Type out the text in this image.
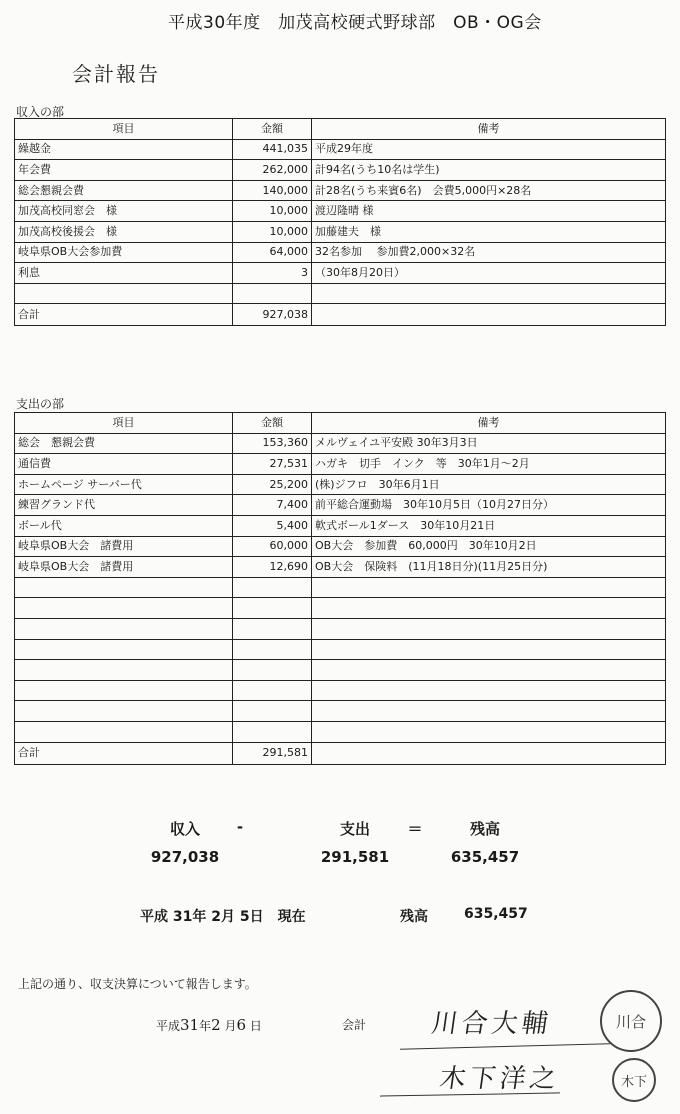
平成30年度　加茂高校硬式野球部　OB・OG会
会計報告
収入の部
項目	金額	備考
繰越金	441,035	平成29年度
年会費	262,000	計94名(うち10名は学生)
総会懇親会費	140,000	計28名(うち来賓6名)　会費5,000円×28名
加茂高校同窓会　様	10,000	渡辺隆晴 様
加茂高校後援会　様	10,000	加藤建夫　様
岐阜県OB大会参加費	64,000	32名参加　 参加費2,000×32名
利息	3	（30年8月20日）

合計	927,038	
支出の部
項目	金額	備考
総会　懇親会費	153,360	メルヴェイユ平安殿 30年3月3日
通信費	27,531	ハガキ　切手　インク　等　30年1月～2月
ホームページ サーバー代	25,200	(株)ジフロ　30年6月1日
練習グランド代	7,400	前平総合運動場　30年10月5日（10月27日分）
ボール代	5,400	軟式ボール1ダース　30年10月21日
岐阜県OB大会　諸費用	60,000	OB大会　参加費　60,000円　30年10月2日
岐阜県OB大会　諸費用	12,690	OB大会　保険料　(11月18日分)(11月25日分)

合計	291,581	
収入	-	支出	＝	残高
927,038	291,581	635,457
平成 31年 2月 5日　現在	残高	635,457
上記の通り、収支決算について報告します。
平成31年2 月6 日	会計 川合大輔
木下洋之
川合
木下
